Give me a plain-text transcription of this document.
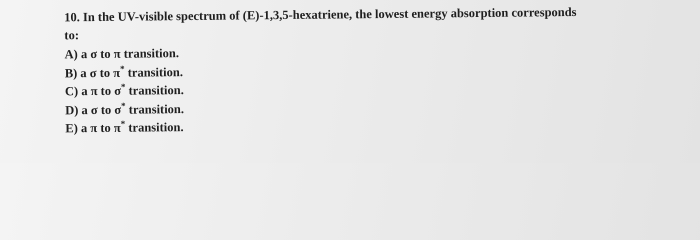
10. In the UV-visible spectrum of (E)-1,3,5-hexatriene, the lowest energy absorption corresponds
to:
A) a σ to π transition.
B) a σ to π* transition.
C) a π to σ* transition.
D) a σ to σ* transition.
E) a π to π* transition.
